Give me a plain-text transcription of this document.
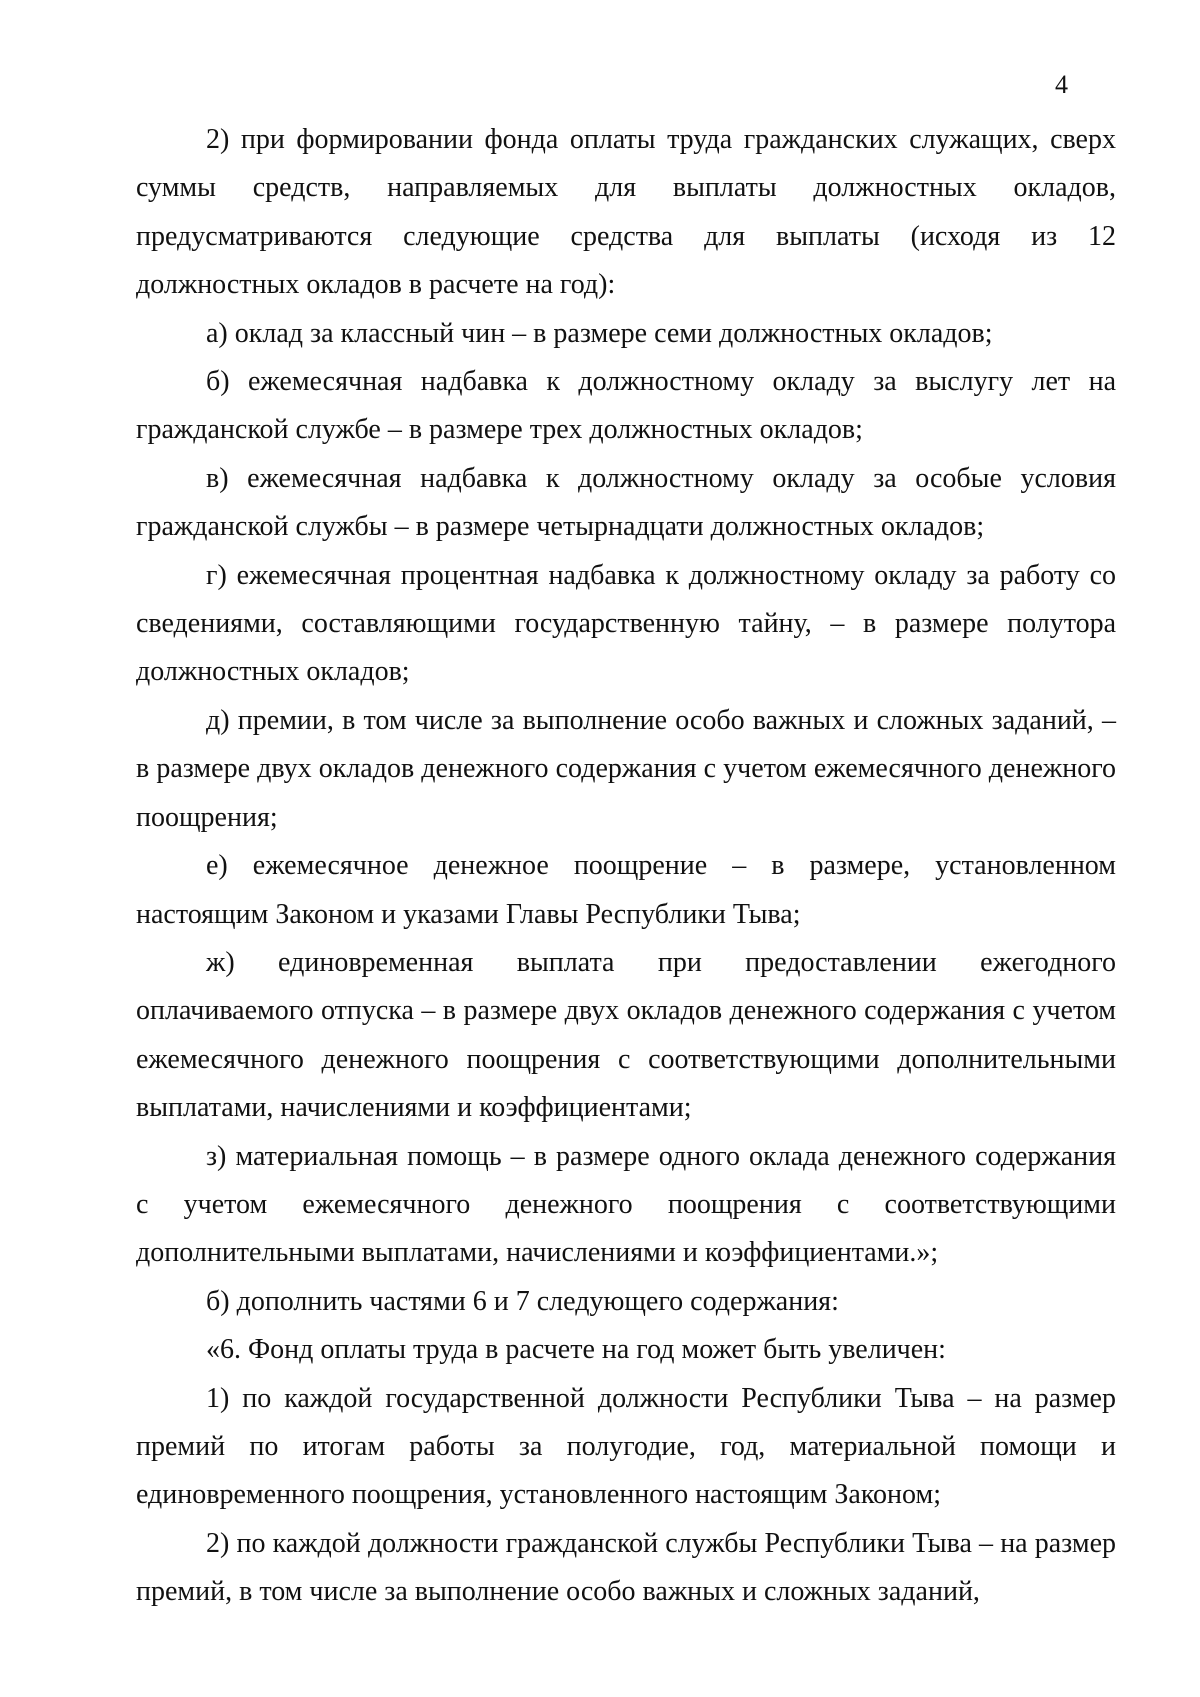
4

2) при формировании фонда оплаты труда гражданских служащих, сверх суммы средств, направляемых для выплаты должностных окладов, предусматриваются следующие средства для выплаты (исходя из 12 должностных окладов в расчете на год):

а) оклад за классный чин – в размере семи должностных окладов;

б) ежемесячная надбавка к должностному окладу за выслугу лет на гражданской службе – в размере трех должностных окладов;

в) ежемесячная надбавка к должностному окладу за особые условия гражданской службы – в размере четырнадцати должностных окладов;

г) ежемесячная процентная надбавка к должностному окладу за работу со сведениями, составляющими государственную тайну, – в размере полутора должностных окладов;

д) премии, в том числе за выполнение особо важных и сложных заданий, – в размере двух окладов денежного содержания с учетом ежемесячного денежного поощрения;

е) ежемесячное денежное поощрение – в размере, установленном настоящим Законом и указами Главы Республики Тыва;

ж) единовременная выплата при предоставлении ежегодного оплачиваемого отпуска – в размере двух окладов денежного содержания с учетом ежемесячного денежного поощрения с соответствующими дополнительными выплатами, начислениями и коэффициентами;

з) материальная помощь – в размере одного оклада денежного содержания с учетом ежемесячного денежного поощрения с соответствующими дополнительными выплатами, начислениями и коэффициентами.»;

б) дополнить частями 6 и 7 следующего содержания:

«6. Фонд оплаты труда в расчете на год может быть увеличен:

1) по каждой государственной должности Республики Тыва – на размер премий по итогам работы за полугодие, год, материальной помощи и единовременного поощрения, установленного настоящим Законом;

2) по каждой должности гражданской службы Республики Тыва – на размер премий, в том числе за выполнение особо важных и сложных заданий,
